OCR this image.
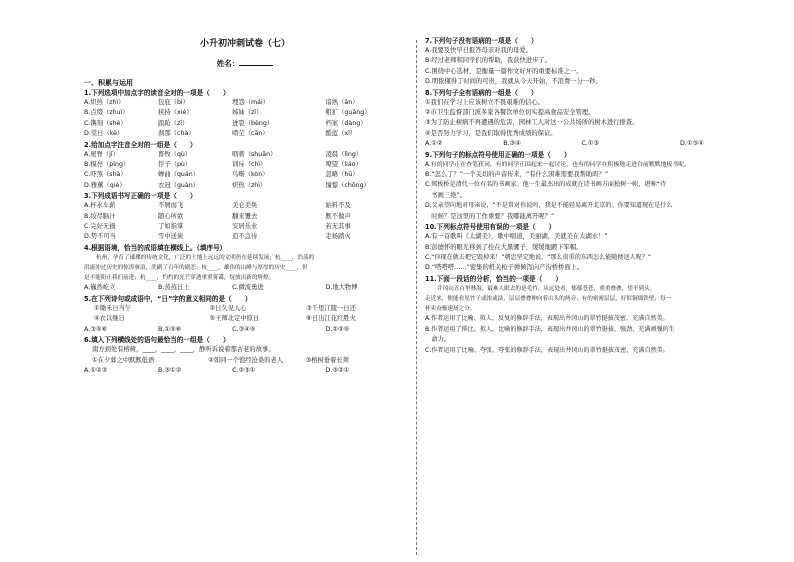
小升初冲刺试卷（七）
姓名：
一、积累与运用
1.下列选项中加点字的读音全对的一项是（　　）
A.炽热（zhì）	包庇（bì）	埋怨（mái）	谙熟（ān）
B.点缀（zhuì）	挟持（xié）	姊妹（zǐ）	粗犷（guǎng）
C.镌刻（shè）	踉跄（zǐ）	迸裂（bèng）	档案（dàng）
D.棠日（kè）	刹那（chà）	啃茔（cān）	酷蓝（xī）
2.给加点字注音全对的一组是（　　）
A.屋脊（jǐ）	畜牧（qù）	呖呖（shuān）	凌晨（lìng）
B.模亮（pǐng）	俘子（pù）	训斥（chì）	嘹望（liáo）
C.吓煞（shà）	蝉曲（quán）	鸟啭（kòn）	忽略（hū）
D.雅薰（qiè）	衣冠（guàn）	炽热（zhì）	憧憬（chōng）
3.下列成语书写正确的一项是（　　）
A.杯水车薪	不屑而飞	美仑美奂	始料不及
B.绞尽脑汁	随心所欲	翻来覆去	默不做声
C.完好无损	了如指掌	安居乐业	若无其事
D.势不可当	雪中送炭	追不急待	走杨踏火
4.根据语境，恰当的成语填在横线上。（填序号）
杭州，孕育了璀璨的传统文化，广泛的土地上远远的文明仍在延续发展；杭____，浩荡的
洪流冲过历史的惊涛骇浪，洗刷了百年的剧恋；杭____，雄伟的山峰与厚厚的历史____，但
是不能阻止我们前进；杭____，灼灼的光芒穿透重重雾霭，绽放出新的辉煌。
A.巍然屹立	B.蒸蒸日上	C.微流勇进	D.地大物博
5.在下列诗句或成语中，“日”字的意义相同的是（　　）
①锄禾日当午	②日久见人心	③千里江陵一日还
④衣以继日	⑤王师北定中原日	⑥日出江花红胜火
A.③⑤⑥	B.①⑤⑥	C.③④⑤	D.②③⑤
6.填入下列横线处的语句最恰当的一组是（　　）
南方到处有榕树，____，____，____，静听诉说着那古老的故事。
①在夕暮之中默默低语	②如同一个饱经沧桑的老人	③榕树垂着长须
A.①②③	B.③①②	C.②③①	D.③②①
7.下列句子没有语病的一项是（　　）
A.我要及快早日报答母亲对我的母爱。
B.经过老师和同学们的帮助，我获快进步了。
C.围绕中心选材，是衡量一篇作文好坏的重要标准之一。
D.明侬懂得了时间的可贵，我就从今天开始，不浪费一分一秒。
8.下列句子全有语病的一组是（　　）
①我们在学习上应该树立不畏艰难的信心。
②市卫生监督部门派多家各餐饮单位切实提高食品安全管理。
③为了防止树病不再遭遇的危害，园林工人对这一公共场所的树木进行排查。
④是否努力学习，是我们取得优秀成绩的保证。
A.①②	B.③④	C.①③	D.①③④
9.下列句子的标点符号使用正确的一项是（　　）
A.有的同学正在查笔获词，有的同学正围起来一起讨论，也有的同学在积极地走进台前默默地板书呢。
B.“怎么了？”一个关切的声音传来，“有什么困难需要我帮助吗？”
C.郑板桥是清代一位有名的书画家。他一生最杰出的成就在诗书画方面独树一帜，堪称“诗
　书画三绝”。
D.父亲望向地对母亲说，“不是常对你说吗，我是不能轻易离开北京的。你要知道现在是什么
　时候？是这里的工作重要？我哪能离开呢？”
10.下列标点符号使用有误的一项是（　　）
A.有一首歌叫《太湖美》，歌中唱道，美丽湖，美就美在太湖水！”
B.彭德怀的眼光移到了拴在大黑骡子，缓缓地踱下军帽。
C.“你现在就去把它毁掉来！”朝忠坚定地说，“那么贵重的东西怎么能随便送人呢？”
D.“嗒嗒嗒……”密集的机关枪子弹倾泻向产沟桥桥面上。
11.下面一段话的分析，恰当的一项是（　　）
井冈山五百里林海，最难人眼去的是毛竹。从远处看，郁郁苍苍，重重叠叠，望不到头。
走近来，便能看见竹子或浓或淡，层层叠叠伸向着山头的两旁；有的密密层层，好似铜墙铁壁，每一
杯卖奋极速场之分。
A.作者运用了比喻、拟人、反复的修辞手法，表现出井冈山的翠竹挺拔茂密，充满自然美。
B.作者运用了排比、拟人、比喻的修辞手法，表现出井冈山的翠竹挺拔、强劲，充满顽强的生
　命力。
C.作者运用了比喻、夸张、夸张的修辞手法，表现出井冈山的翠竹挺拔茂密，充满自然美。
